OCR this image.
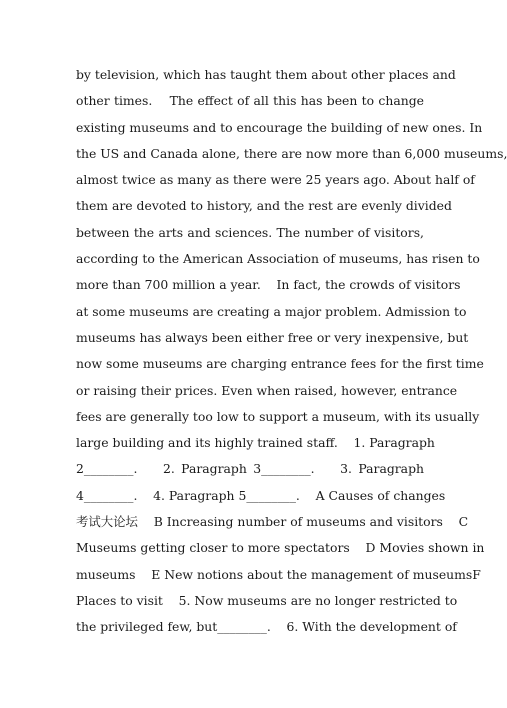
by television, which has taught them about other places and
other times.    The effect of all this has been to change
existing museums and to encourage the building of new ones. In
the US and Canada alone, there are now more than 6,000 museums,
almost twice as many as there were 25 years ago. About half of
them are devoted to history, and the rest are evenly divided
between the arts and sciences. The number of visitors,
according to the American Association of museums, has risen to
more than 700 million a year.    In fact, the crowds of visitors
at some museums are creating a major problem. Admission to
museums has always been either free or very inexpensive, but
now some museums are charging entrance fees for the first time
or raising their prices. Even when raised, however, entrance
fees are generally too low to support a museum, with its usually
large building and its highly trained staff.    1. Paragraph
2________.    2. Paragraph 3________.    3. Paragraph
4________.    4. Paragraph 5________.    A Causes of changes
考试大论坛    B Increasing number of museums and visitors    C
Museums getting closer to more spectators    D Movies shown in
museums    E New notions about the management of museumsF
Places to visit    5. Now museums are no longer restricted to
the privileged few, but________.    6. With the development of
